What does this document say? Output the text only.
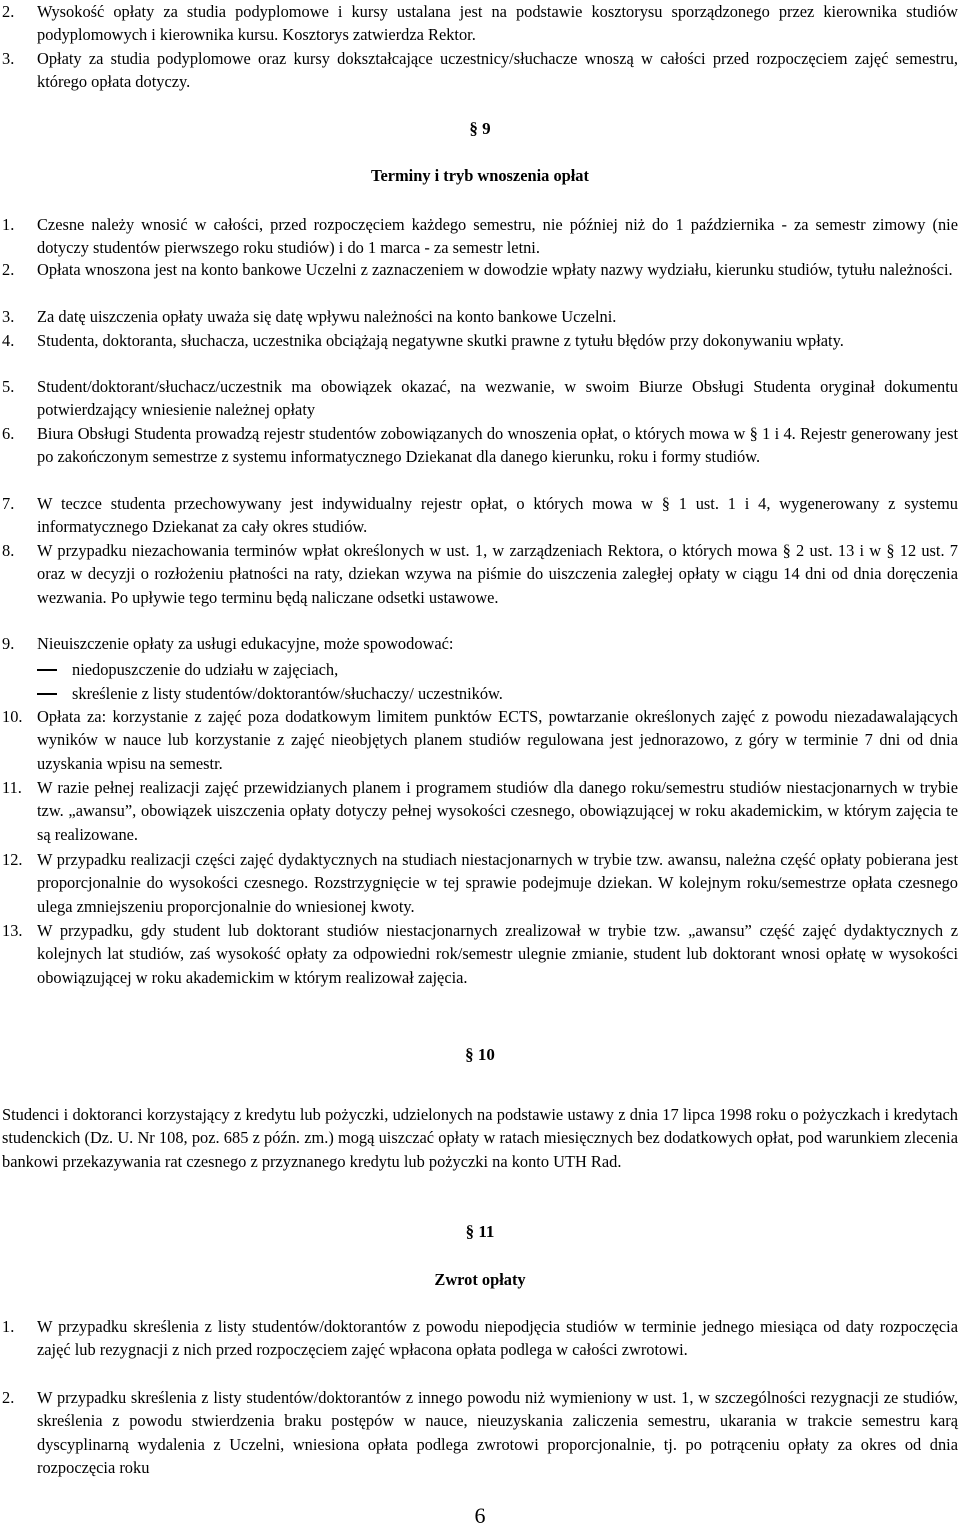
2. Wysokość opłaty za studia podyplomowe i kursy ustalana jest na podstawie kosztorysu sporządzonego przez kierownika studiów podyplomowych i kierownika kursu. Kosztorys zatwierdza Rektor.
3. Opłaty za studia podyplomowe oraz kursy dokształcające uczestnicy/słuchacze wnoszą w całości przed rozpoczęciem zajęć semestru, którego opłata dotyczy.
§ 9
Terminy i tryb wnoszenia opłat
1. Czesne należy wnosić w całości, przed rozpoczęciem każdego semestru, nie później niż do 1 października - za semestr zimowy (nie dotyczy studentów pierwszego roku studiów) i do 1 marca - za semestr letni.
2. Opłata wnoszona jest na konto bankowe Uczelni z zaznaczeniem w dowodzie wpłaty nazwy wydziału, kierunku studiów, tytułu należności.
3. Za datę uiszczenia opłaty uważa się datę wpływu należności na konto bankowe Uczelni.
4. Studenta, doktoranta, słuchacza, uczestnika obciążają negatywne skutki prawne z tytułu błędów przy dokonywaniu wpłaty.
5. Student/doktorant/słuchacz/uczestnik ma obowiązek okazać, na wezwanie, w swoim Biurze Obsługi Studenta oryginał dokumentu potwierdzający wniesienie należnej opłaty
6. Biura Obsługi Studenta prowadzą rejestr studentów zobowiązanych do wnoszenia opłat, o których mowa w § 1 i 4. Rejestr generowany jest po zakończonym semestrze z systemu informatycznego Dziekanat dla danego kierunku, roku i formy studiów.
7. W teczce studenta przechowywany jest indywidualny rejestr opłat, o których mowa w § 1 ust. 1 i 4, wygenerowany z systemu informatycznego Dziekanat za cały okres studiów.
8. W przypadku niezachowania terminów wpłat określonych w ust. 1, w zarządzeniach Rektora, o których mowa § 2 ust. 13 i w § 12 ust. 7 oraz w decyzji o rozłożeniu płatności na raty, dziekan wzywa na piśmie do uiszczenia zaległej opłaty w ciągu 14 dni od dnia doręczenia wezwania. Po upływie tego terminu będą naliczane odsetki ustawowe.
9. Nieuiszczenie opłaty za usługi edukacyjne, może spowodować:
niedopuszczenie do udziału w zajęciach,
skreślenie z listy studentów/doktorantów/słuchaczy/ uczestników.
10. Opłata za: korzystanie z zajęć poza dodatkowym limitem punktów ECTS, powtarzanie określonych zajęć z powodu niezadawalających wyników w nauce lub korzystanie z zajęć nieobjętych planem studiów regulowana jest jednorazowo, z góry w terminie 7 dni od dnia uzyskania wpisu na semestr.
11. W razie pełnej realizacji zajęć przewidzianych planem i programem studiów dla danego roku/semestru studiów niestacjonarnych w trybie tzw. „awansu”, obowiązek uiszczenia opłaty dotyczy pełnej wysokości czesnego, obowiązującej w roku akademickim, w którym zajęcia te są realizowane.
12. W przypadku realizacji części zajęć dydaktycznych na studiach niestacjonarnych w trybie tzw. awansu, należna część opłaty pobierana jest proporcjonalnie do wysokości czesnego. Rozstrzygnięcie w tej sprawie podejmuje dziekan. W kolejnym roku/semestrze opłata czesnego ulega zmniejszeniu proporcjonalnie do wniesionej kwoty.
13. W przypadku, gdy student lub doktorant studiów niestacjonarnych zrealizował w trybie tzw. „awansu” część zajęć dydaktycznych z kolejnych lat studiów, zaś wysokość opłaty za odpowiedni rok/semestr ulegnie zmianie, student lub doktorant wnosi opłatę w wysokości obowiązującej w roku akademickim w którym realizował zajęcia.
§ 10
Studenci i doktoranci korzystający z kredytu lub pożyczki, udzielonych na podstawie ustawy z dnia 17 lipca 1998 roku o pożyczkach i kredytach studenckich (Dz. U. Nr 108, poz. 685 z późn. zm.) mogą uiszczać opłaty w ratach miesięcznych bez dodatkowych opłat, pod warunkiem zlecenia bankowi przekazywania rat czesnego z przyznanego kredytu lub pożyczki na konto UTH Rad.
§ 11
Zwrot opłaty
1. W przypadku skreślenia z listy studentów/doktorantów z powodu niepodjęcia studiów w terminie jednego miesiąca od daty rozpoczęcia zajęć lub rezygnacji z nich przed rozpoczęciem zajęć wpłacona opłata podlega w całości zwrotowi.
2. W przypadku skreślenia z listy studentów/doktorantów z innego powodu niż wymieniony w ust. 1, w szczególności rezygnacji ze studiów, skreślenia z powodu stwierdzenia braku postępów w nauce, nieuzyskania zaliczenia semestru, ukarania w trakcie semestru karą dyscyplinarną wydalenia z Uczelni, wniesiona opłata podlega zwrotowi proporcjonalnie, tj. po potrąceniu opłaty za okres od dnia rozpoczęcia roku
6
